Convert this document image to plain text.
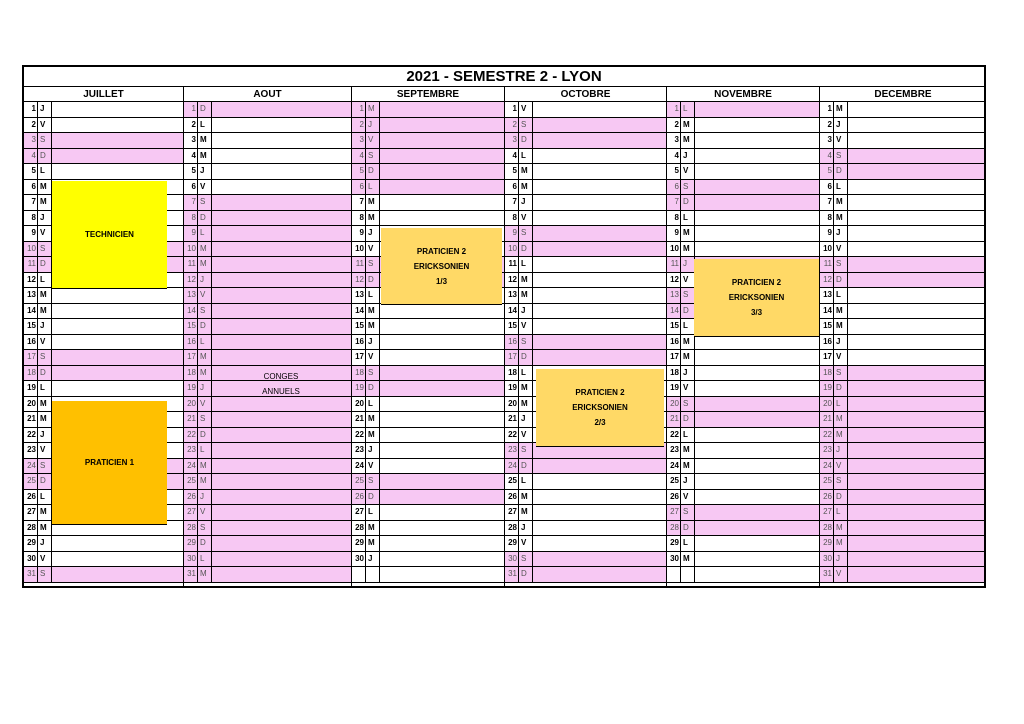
2021 - SEMESTRE 2 - LYON
JUILLET
1 J
2 V
3 S
4 D
5 L
6 M
7 M
8 J
9 V
10 S
11 D
12 L
13 M
14 M
15 J
16 V
17 S
18 D
19 L
20 M
21 M
22 J
23 V
24 S
25 D
26 L
27 M
28 M
29 J
30 V
31 S
AOUT
1 D
2 L
3 M
4 M
5 J
6 V
7 S
8 D
9 L
10 M
11 M
12 J
13 V
14 S
15 D
16 L
17 M
18 M
19 J
20 V
21 S
22 D
23 L
24 M
25 M
26 J
27 V
28 S
29 D
30 L
31 M
SEPTEMBRE
1 M
2 J
3 V
4 S
5 D
6 L
7 M
8 M
9 J
10 V
11 S
12 D
13 L
14 M
15 M
16 J
17 V
18 S
19 D
20 L
21 M
22 M
23 J
24 V
25 S
26 D
27 L
28 M
29 M
30 J
OCTOBRE
1 V
2 S
3 D
4 L
5 M
6 M
7 J
8 V
9 S
10 D
11 L
12 M
13 M
14 J
15 V
16 S
17 D
18 L
19 M
20 M
21 J
22 V
23 S
24 D
25 L
26 M
27 M
28 J
29 V
30 S
31 D
NOVEMBRE
1 L
2 M
3 M
4 J
5 V
6 S
7 D
8 L
9 M
10 M
11 J
12 V
13 S
14 D
15 L
16 M
17 M
18 J
19 V
20 S
21 D
22 L
23 M
24 M
25 J
26 V
27 S
28 D
29 L
30 M
DECEMBRE
1 M
2 J
3 V
4 S
5 D
6 L
7 M
8 M
9 J
10 V
11 S
12 D
13 L
14 M
15 M
16 J
17 V
18 S
19 D
20 L
21 M
22 M
23 J
24 V
25 S
26 D
27 L
28 M
29 M
30 J
31 V
TECHNICIEN
PRATICIEN 1
PRATICIEN 2
ERICKSONIEN
1/3
PRATICIEN 2
ERICKSONIEN
2/3
PRATICIEN 2
ERICKSONIEN
3/3
CONGES
ANNUELS
